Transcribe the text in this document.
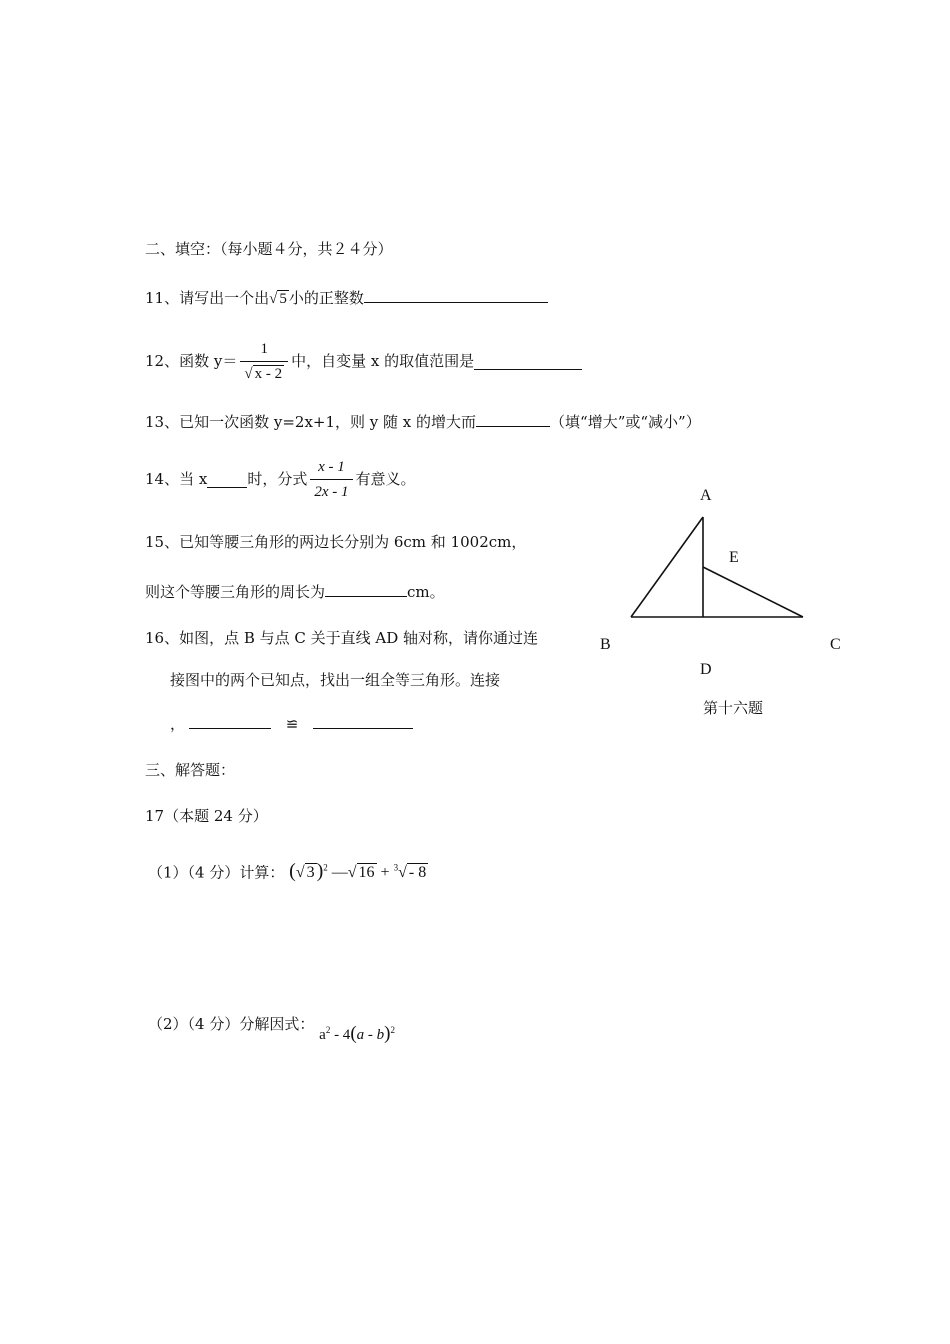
二、填空：（每小题４分，共２４分）
11、请写出一个出√ 5 小的正整数
12、函数 $y= \frac{1}{√ x - 2}$ 中，自变量 x 的取值范围是
13、已知一次函数 y=2x+1，则 y 随 x 的增大而	（填“增大”或“减小”）
14、当 x	时，分式 $\frac{x - 1}{2x - 1}$ 有意义。
15、已知等腰三角形的两边长分别为 6cm 和 1002cm，
则这个等腰三角形的周长为	cm。
16、如图，点 B 与点 C 关于直线 AD 轴对称，请你通过连
接图中的两个已知点，找出一组全等三角形。连接
，	≌
A
E
B	C
D
第十六题
三、解答题：
17（本题 24 分）
（1）（4 分）计算： (√ 3 )$^2$ —√ 16 + $^3$√ - 8
（2）（4 分）分解因式： $a^2 - 4(a - b)^2$
